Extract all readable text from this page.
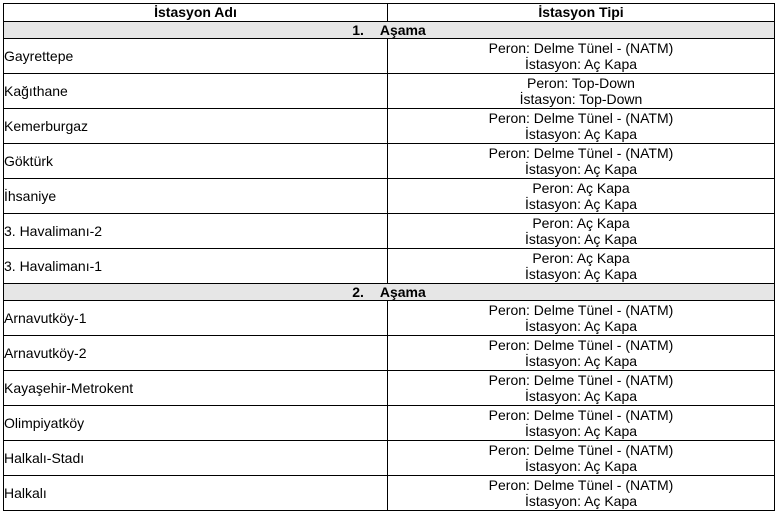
İstasyon Adı	İstasyon Tipi
1. Aşama	
Gayrettepe	Peron: Delme Tünel - (NATM)
İstasyon: Aç Kapa

Kağıthane	Peron: Top-Down
İstasyon: Top-Down

Kemerburgaz	Peron: Delme Tünel - (NATM)
İstasyon: Aç Kapa

Göktürk	Peron: Delme Tünel - (NATM)
İstasyon: Aç Kapa

İhsaniye	Peron: Aç Kapa
İstasyon: Aç Kapa

3. Havalimanı-2	Peron: Aç Kapa
İstasyon: Aç Kapa

3. Havalimanı-1	Peron: Aç Kapa
İstasyon: Aç Kapa

2. Aşama	
Arnavutköy-1	Peron: Delme Tünel - (NATM)
İstasyon: Aç Kapa

Arnavutköy-2	Peron: Delme Tünel - (NATM)
İstasyon: Aç Kapa

Kayaşehir-Metrokent	Peron: Delme Tünel - (NATM)
İstasyon: Aç Kapa

Olimpiyatköy	Peron: Delme Tünel - (NATM)
İstasyon: Aç Kapa

Halkalı-Stadı	Peron: Delme Tünel - (NATM)
İstasyon: Aç Kapa

Halkalı	Peron: Delme Tünel - (NATM)
İstasyon: Aç Kapa
